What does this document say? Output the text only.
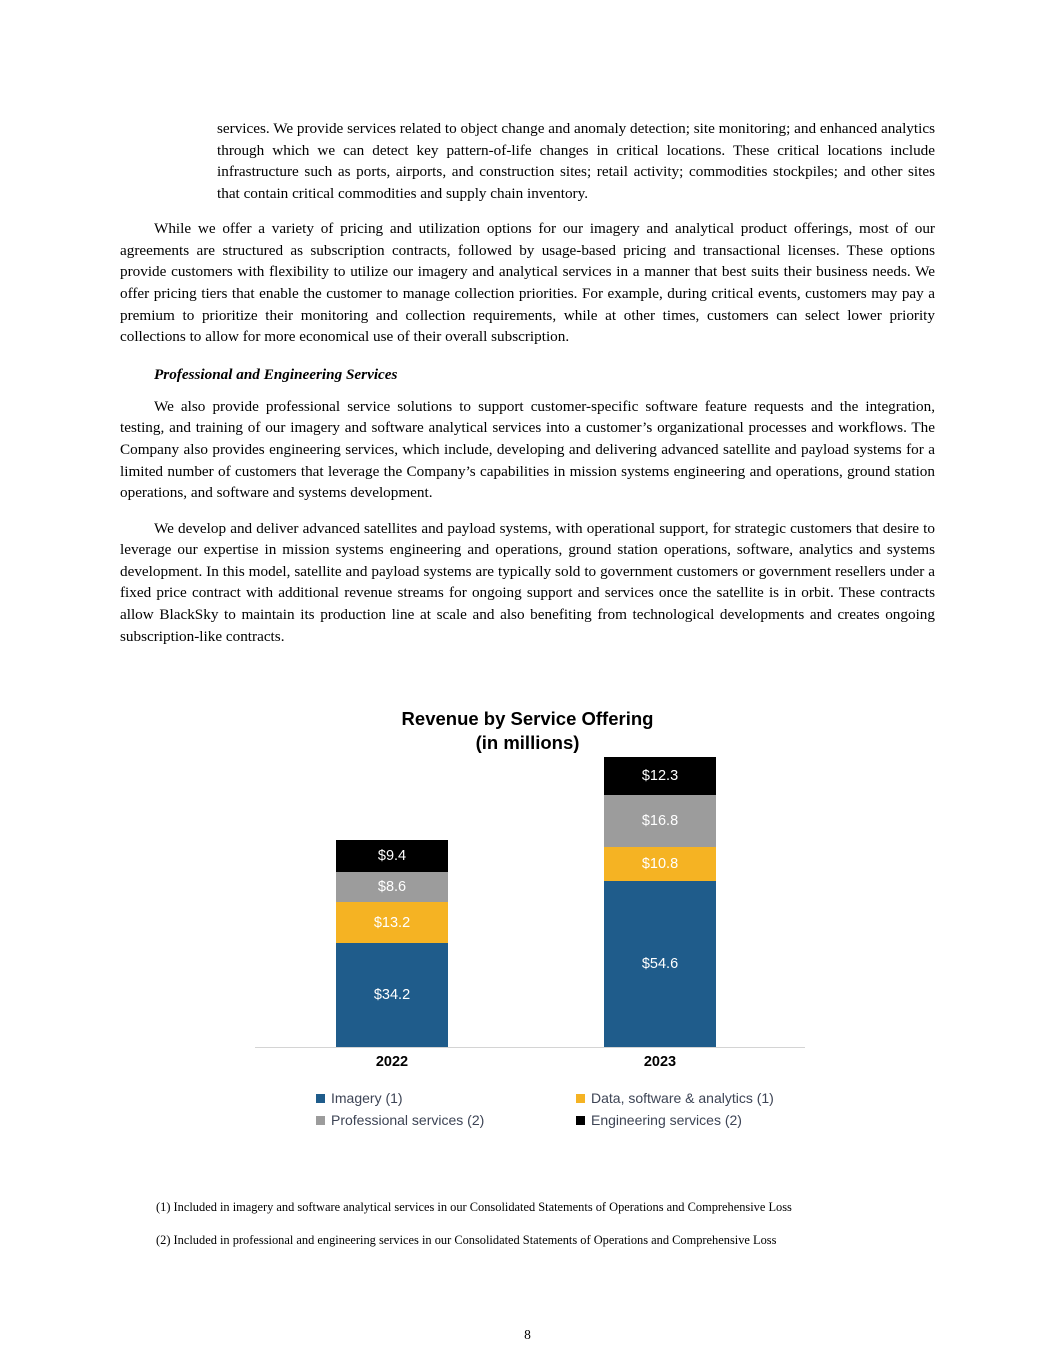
services. We provide services related to object change and anomaly detection; site monitoring; and enhanced analytics through which we can detect key pattern-of-life changes in critical locations. These critical locations include infrastructure such as ports, airports, and construction sites; retail activity; commodities stockpiles; and other sites that contain critical commodities and supply chain inventory.

While we offer a variety of pricing and utilization options for our imagery and analytical product offerings, most of our agreements are structured as subscription contracts, followed by usage-based pricing and transactional licenses. These options provide customers with flexibility to utilize our imagery and analytical services in a manner that best suits their business needs. We offer pricing tiers that enable the customer to manage collection priorities. For example, during critical events, customers may pay a premium to prioritize their monitoring and collection requirements, while at other times, customers can select lower priority collections to allow for more economical use of their overall subscription.

Professional and Engineering Services

We also provide professional service solutions to support customer-specific software feature requests and the integration, testing, and training of our imagery and software analytical services into a customer’s organizational processes and workflows. The Company also provides engineering services, which include, developing and delivering advanced satellite and payload systems for a limited number of customers that leverage the Company’s capabilities in mission systems engineering and operations, ground station operations, and software and systems development.

We develop and deliver advanced satellites and payload systems, with operational support, for strategic customers that desire to leverage our expertise in mission systems engineering and operations, ground station operations, software, analytics and systems development. In this model, satellite and payload systems are typically sold to government customers or government resellers under a fixed price contract with additional revenue streams for ongoing support and services once the satellite is in orbit. These contracts allow BlackSky to maintain its production line at scale and also benefiting from technological developments and creates ongoing subscription-like contracts.

Revenue by Service Offering
(in millions)
$9.4
$8.6
$13.2
$34.2
$12.3
$16.8
$10.8
$54.6
2022	2023
Imagery (1)	Data, software & analytics (1)
Professional services (2)	Engineering services (2)
(1) Included in imagery and software analytical services in our Consolidated Statements of Operations and Comprehensive Loss
(2) Included in professional and engineering services in our Consolidated Statements of Operations and Comprehensive Loss
8
